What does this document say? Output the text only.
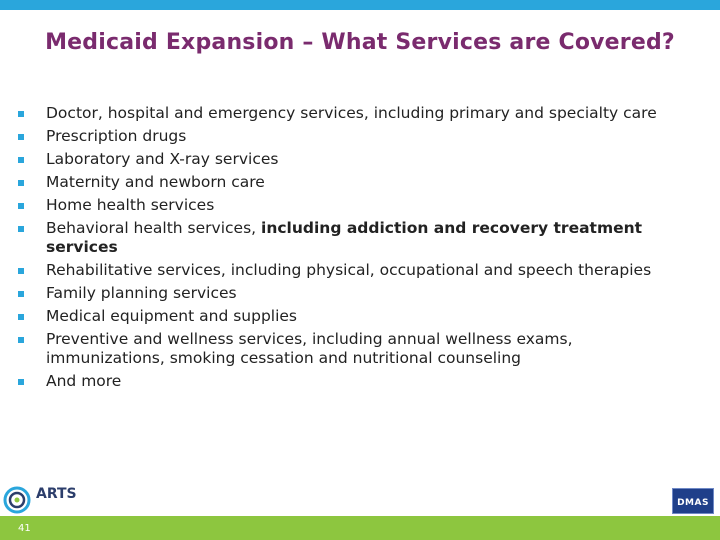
Medicaid Expansion – What Services are Covered?
Doctor, hospital and emergency services, including primary and specialty care
Prescription drugs
Laboratory and X-ray services
Maternity and newborn care
Home health services
Behavioral health services, including addiction and recovery treatment services
Rehabilitative services, including physical, occupational and speech therapies
Family planning services
Medical equipment and supplies
Preventive and wellness services, including annual wellness exams, immunizations, smoking cessation and nutritional counseling
And more
ARTS
DMAS
41
